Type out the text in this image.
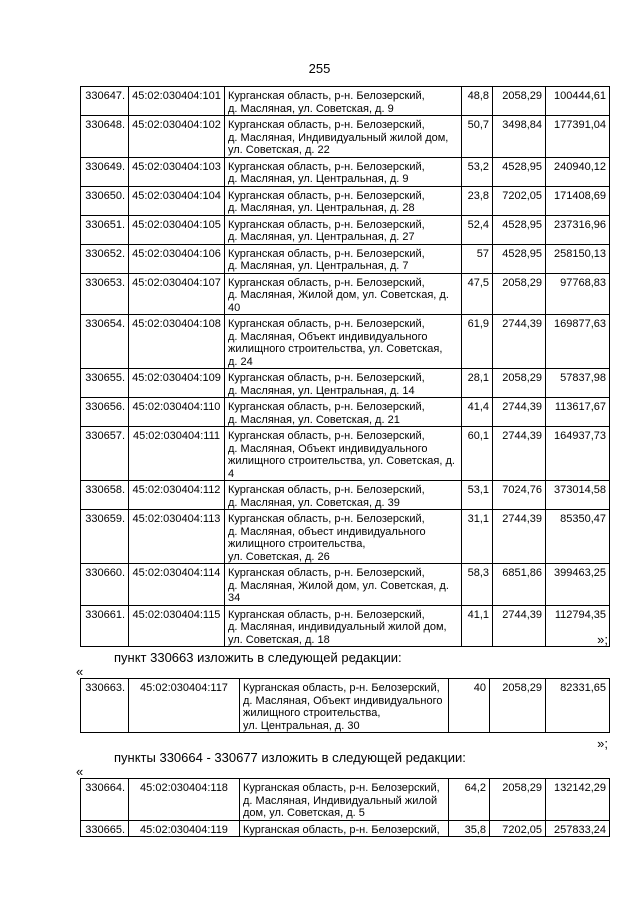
255
330647.	45:02:030404:101	Курганская область, р-н. Белозерский,
д. Масляная, ул. Советская, д. 9	48,8	2058,29	100444,61
330648.	45:02:030404:102	Курганская область, р-н. Белозерский,
д. Масляная, Индивидуальный жилой дом,
ул. Советская, д. 22	50,7	3498,84	177391,04
330649.	45:02:030404:103	Курганская область, р-н. Белозерский,
д. Масляная, ул. Центральная, д. 9	53,2	4528,95	240940,12
330650.	45:02:030404:104	Курганская область, р-н. Белозерский,
д. Масляная, ул. Центральная, д. 28	23,8	7202,05	171408,69
330651.	45:02:030404:105	Курганская область, р-н. Белозерский,
д. Масляная, ул. Центральная, д. 27	52,4	4528,95	237316,96
330652.	45:02:030404:106	Курганская область, р-н. Белозерский,
д. Масляная, ул. Центральная, д. 7	57	4528,95	258150,13
330653.	45:02:030404:107	Курганская область, р-н. Белозерский,
д. Масляная, Жилой дом, ул. Советская, д. 40	47,5	2058,29	97768,83
330654.	45:02:030404:108	Курганская область, р-н. Белозерский,
д. Масляная, Объект индивидуального
жилищного строительства, ул. Советская,
д. 24	61,9	2744,39	169877,63
330655.	45:02:030404:109	Курганская область, р-н. Белозерский,
д. Масляная, ул. Центральная, д. 14	28,1	2058,29	57837,98
330656.	45:02:030404:110	Курганская область, р-н. Белозерский,
д. Масляная, ул. Советская, д. 21	41,4	2744,39	113617,67
330657.	45:02:030404:111	Курганская область, р-н. Белозерский,
д. Масляная, Объект индивидуального
жилищного строительства, ул. Советская, д. 4	60,1	2744,39	164937,73
330658.	45:02:030404:112	Курганская область, р-н. Белозерский,
д. Масляная, ул. Советская, д. 39	53,1	7024,76	373014,58
330659.	45:02:030404:113	Курганская область, р-н. Белозерский,
д. Масляная, объест индивидуального
жилищного строительства,
ул. Советская, д. 26	31,1	2744,39	85350,47
330660.	45:02:030404:114	Курганская область, р-н. Белозерский,
д. Масляная, Жилой дом, ул. Советская, д. 34	58,3	6851,86	399463,25
330661.	45:02:030404:115	Курганская область, р-н. Белозерский,
д. Масляная, индивидуальный жилой дом,
ул. Советская, д. 18	41,1	2744,39	112794,35
»;
пункт 330663 изложить в следующей редакции:
«
330663.	45:02:030404:117	Курганская область, р-н. Белозерский,
д. Масляная, Объект индивидуального
жилищного строительства,
ул. Центральная, д. 30	40	2058,29	82331,65
»;
пункты 330664 - 330677 изложить в следующей редакции:
«
330664.	45:02:030404:118	Курганская область, р-н. Белозерский,
д. Масляная, Индивидуальный жилой
дом, ул. Советская, д. 5	64,2	2058,29	132142,29
330665.	45:02:030404:119	Курганская область, р-н. Белозерский,	35,8	7202,05	257833,24
